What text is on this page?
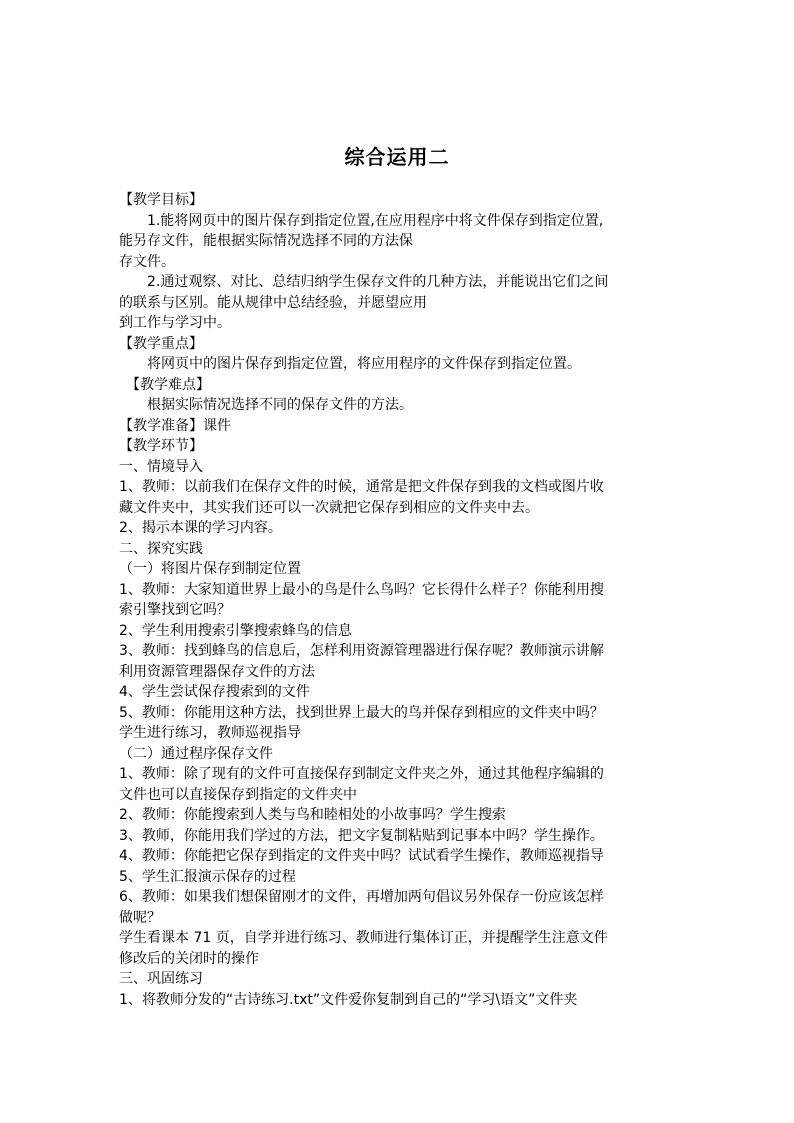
综合运用二
【教学目标】
1.能将网页中的图片保存到指定位置,在应用程序中将文件保存到指定位置,
能另存文件，能根据实际情况选择不同的方法保
存文件。
2.通过观察、对比、总结归纳学生保存文件的几种方法，并能说出它们之间
的联系与区别。能从规律中总结经验，并愿望应用
到工作与学习中。
【教学重点】
将网页中的图片保存到指定位置，将应用程序的文件保存到指定位置。
【教学难点】
根据实际情况选择不同的保存文件的方法。
【教学准备】课件
【教学环节】
一、情境导入
1、教师：以前我们在保存文件的时候，通常是把文件保存到我的文档或图片收
藏文件夹中，其实我们还可以一次就把它保存到相应的文件夹中去。
2、揭示本课的学习内容。
二、探究实践
（一）将图片保存到制定位置
1、教师：大家知道世界上最小的鸟是什么鸟吗？它长得什么样子？你能利用搜
索引擎找到它吗？
2、学生利用搜索引擎搜索蜂鸟的信息
3、教师：找到蜂鸟的信息后，怎样利用资源管理器进行保存呢？教师演示讲解
利用资源管理器保存文件的方法
4、学生尝试保存搜索到的文件
5、教师：你能用这种方法，找到世界上最大的鸟并保存到相应的文件夹中吗？
学生进行练习，教师巡视指导
（二）通过程序保存文件
1、教师：除了现有的文件可直接保存到制定文件夹之外，通过其他程序编辑的
文件也可以直接保存到指定的文件夹中
2、教师：你能搜索到人类与鸟和睦相处的小故事吗？学生搜索
3、教师，你能用我们学过的方法，把文字复制粘贴到记事本中吗？学生操作。
4、教师：你能把它保存到指定的文件夹中吗？试试看学生操作，教师巡视指导
5、学生汇报演示保存的过程
6、教师：如果我们想保留刚才的文件，再增加两句倡议另外保存一份应该怎样
做呢？
学生看课本 71 页，自学并进行练习、教师进行集体订正，并提醒学生注意文件
修改后的关闭时的操作
三、巩固练习
1、将教师分发的“古诗练习.txt”文件爱你复制到自己的“学习\语文”文件夹
